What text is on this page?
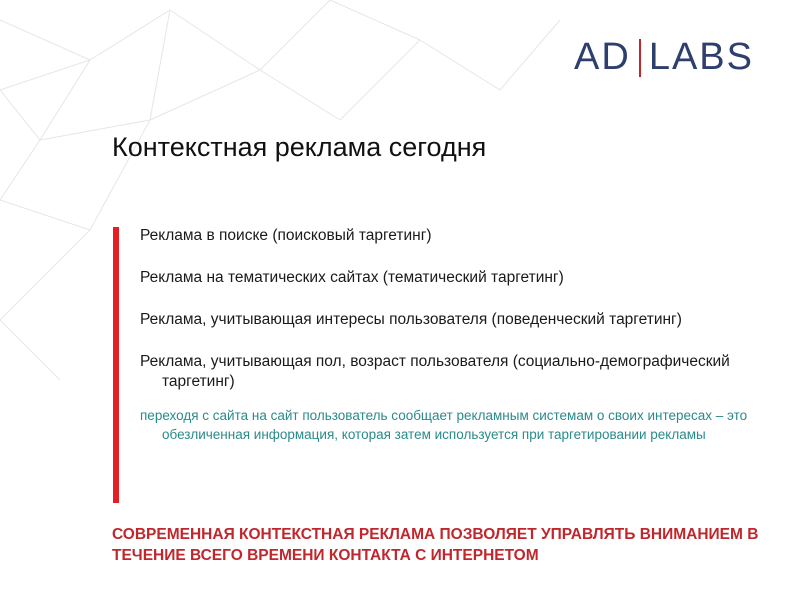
AD LABS
Контекстная реклама сегодня
Реклама в поиске (поисковый таргетинг)
Реклама на тематических сайтах (тематический таргетинг)
Реклама, учитывающая интересы пользователя (поведенческий таргетинг)
Реклама, учитывающая пол, возраст пользователя (социально-демографический таргетинг)
переходя с сайта на сайт пользователь сообщает рекламным системам о своих интересах – это обезличенная информация, которая затем используется при таргетировании рекламы
СОВРЕМЕННАЯ КОНТЕКСТНАЯ РЕКЛАМА ПОЗВОЛЯЕТ УПРАВЛЯТЬ ВНИМАНИЕМ В ТЕЧЕНИЕ ВСЕГО ВРЕМЕНИ КОНТАКТА С ИНТЕРНЕТОМ
